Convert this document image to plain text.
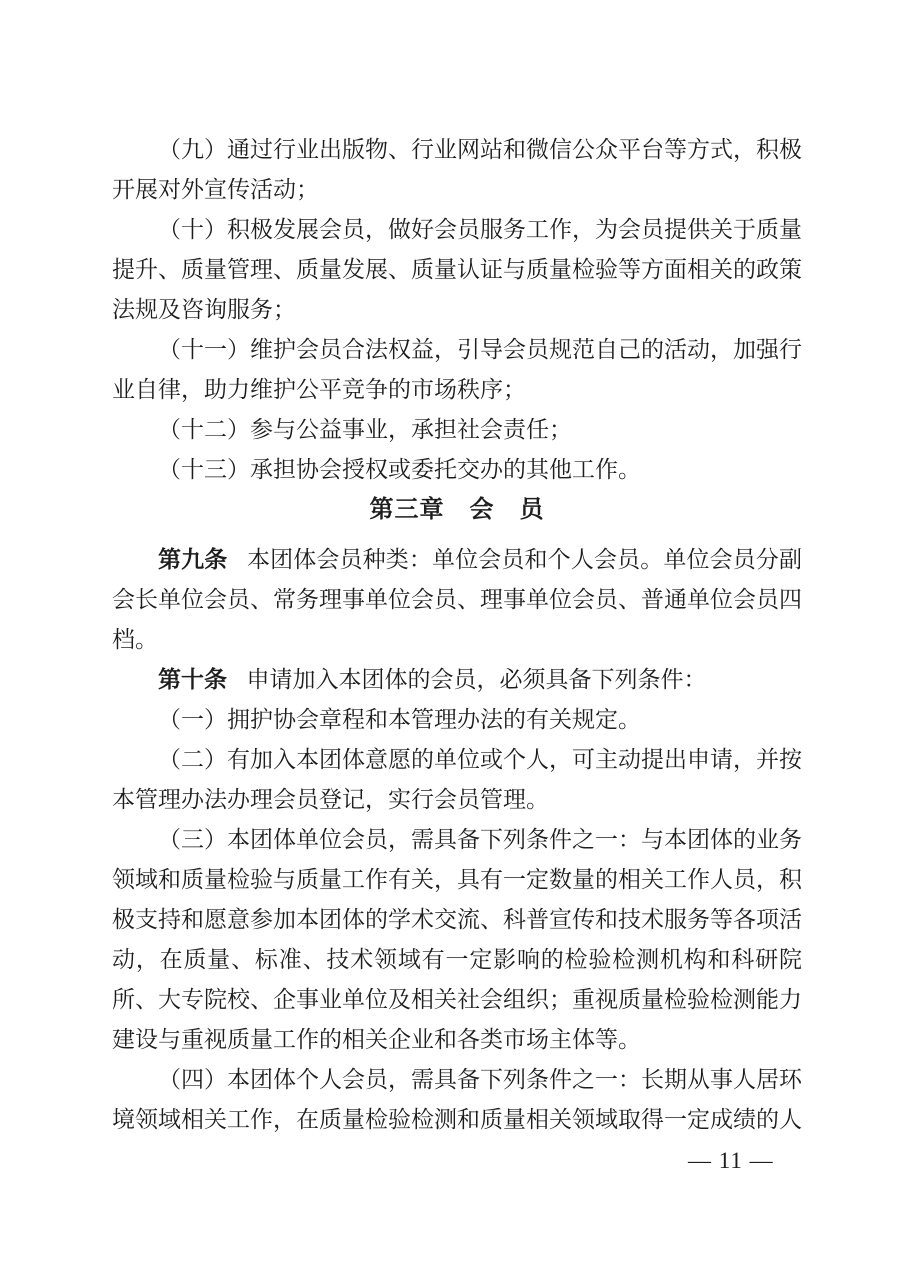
（九）通过行业出版物、行业网站和微信公众平台等方式，积极开展对外宣传活动；

（十）积极发展会员，做好会员服务工作，为会员提供关于质量提升、质量管理、质量发展、质量认证与质量检验等方面相关的政策法规及咨询服务；

（十一）维护会员合法权益，引导会员规范自己的活动，加强行业自律，助力维护公平竞争的市场秩序；

（十二）参与公益事业，承担社会责任；

（十三）承担协会授权或委托交办的其他工作。

第三章　会　员

第九条 本团体会员种类：单位会员和个人会员。单位会员分副会长单位会员、常务理事单位会员、理事单位会员、普通单位会员四档。

第十条 申请加入本团体的会员，必须具备下列条件：

（一）拥护协会章程和本管理办法的有关规定。

（二）有加入本团体意愿的单位或个人，可主动提出申请，并按本管理办法办理会员登记，实行会员管理。

（三）本团体单位会员，需具备下列条件之一：与本团体的业务领域和质量检验与质量工作有关，具有一定数量的相关工作人员，积极支持和愿意参加本团体的学术交流、科普宣传和技术服务等各项活动，在质量、标准、技术领域有一定影响的检验检测机构和科研院所、大专院校、企事业单位及相关社会组织；重视质量检验检测能力建设与重视质量工作的相关企业和各类市场主体等。

（四）本团体个人会员，需具备下列条件之一：长期从事人居环境领域相关工作，在质量检验检测和质量相关领域取得一定成绩的人

— 11 —
